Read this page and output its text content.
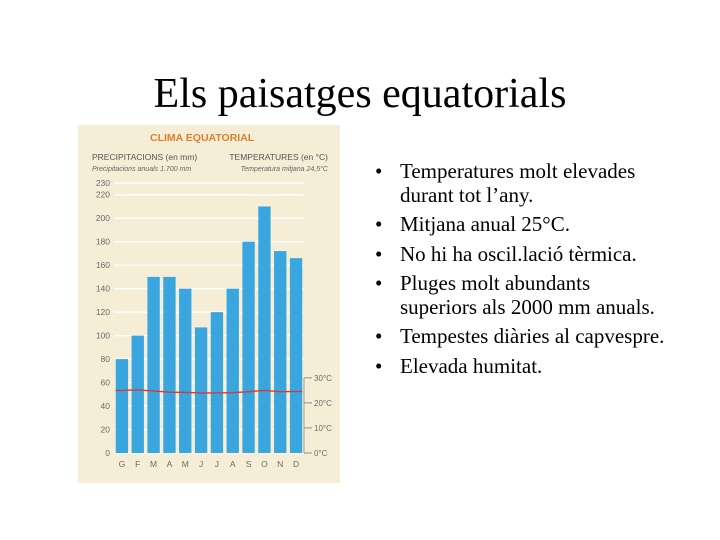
Els paisatges equatorials
CLIMA EQUATORIAL
PRECIPITACIONS (en mm)
Precipitacions anuals 1.700 mm
TEMPERATURES (en °C)
Temperatura mitjana 24,5°C
0
20
40
60
80
100
120
140
160
180
200
220
230
G F M A M J J A S O N D
0°C
10°C
20°C
30°C
• Temperatures molt elevades durant tot l’any.
• Mitjana anual 25°C.
• No hi ha oscil.lació tèrmica.
• Pluges molt abundants superiors als 2000 mm anuals.
• Tempestes diàries al capvespre.
• Elevada humitat.
